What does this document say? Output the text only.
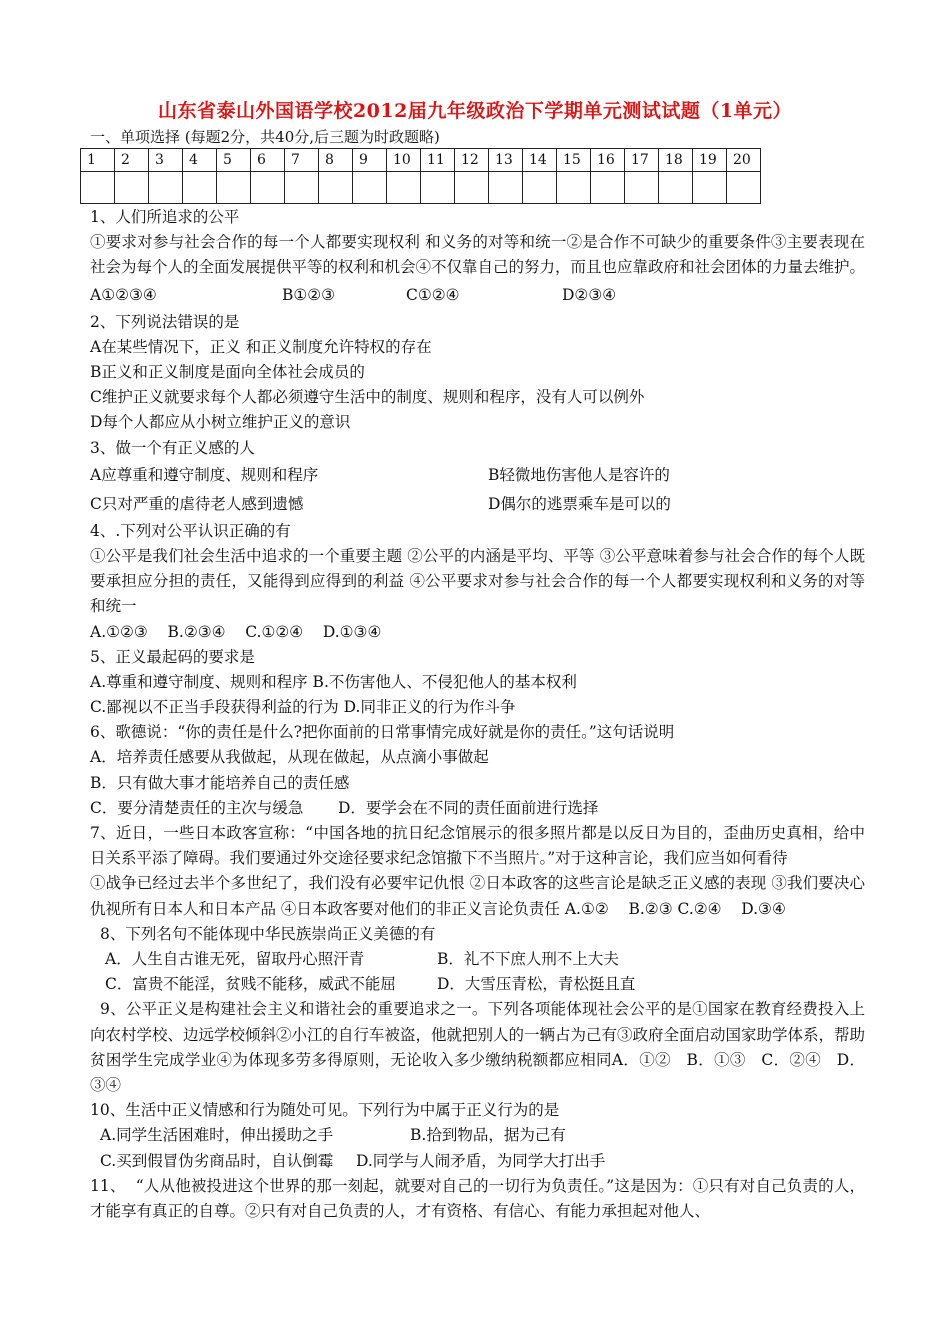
山东省泰山外国语学校2012届九年级政治下学期单元测试试题（1单元）
一、单项选择 (每题2分，共40分,后三题为时政题略)
1	2	3	4	5	6	7	8	9	10	11	12	13	14	15	16	17	18	19	20

1、人们所追求的公平
①要求对参与社会合作的每一个人都要实现权利 和义务的对等和统一②是合作不可缺少的重要条件③主要表现在社会为每个人的全面发展提供平等的权利和机会④不仅靠自己的努力，而且也应靠政府和社会团体的力量去维护。
A①②③④	B①②③	C①②④	D②③④
2、下列说法错误的是
A在某些情况下，正义 和正义制度允许特权的存在
B正义和正义制度是面向全体社会成员的
C维护正义就要求每个人都必须遵守生活中的制度、规则和程序，没有人可以例外
D每个人都应从小树立维护正义的意识
3、做一个有正义感的人
A应尊重和遵守制度、规则和程序	B轻微地伤害他人是容许的
C只对严重的虐待老人感到遗憾	D偶尔的逃票乘车是可以的
4、.下列对公平认识正确的有
①公平是我们社会生活中追求的一个重要主题 ②公平的内涵是平均、平等 ③公平意味着参与社会合作的每个人既要承担应分担的责任，又能得到应得到的利益 ④公平要求对参与社会合作的每一个人都要实现权利和义务的对等和统一
A.①②③    B.②③④    C.①②④    D.①③④
5、正义最起码的要求是
A.尊重和遵守制度、规则和程序 B.不伤害他人、不侵犯他人的基本权利
C.鄙视以不正当手段获得利益的行为 D.同非正义的行为作斗争
6、歌德说：“你的责任是什么?把你面前的日常事情完成好就是你的责任。”这句话说明
A．培养责任感要从我做起，从现在做起，从点滴小事做起
B．只有做大事才能培养自己的责任感
C．要分清楚责任的主次与缓急	D．要学会在不同的责任面前进行选择
7、近日，一些日本政客宣称：“中国各地的抗日纪念馆展示的很多照片都是以反日为目的，歪曲历史真相，给中日关系平添了障碍。我们要通过外交途径要求纪念馆撤下不当照片。”对于这种言论，我们应当如何看待
①战争已经过去半个多世纪了，我们没有必要牢记仇恨 ②日本政客的这些言论是缺乏正义感的表现 ③我们要决心仇视所有日本人和日本产品 ④日本政客要对他们的非正义言论负责任 A.①②    B.②③ C.②④    D.③④
8、下列名句不能体现中华民族崇尚正义美德的有
A．人生自古谁无死，留取丹心照汗青	B．礼不下庶人刑不上大夫
C．富贵不能淫，贫贱不能移，威武不能屈	D．大雪压青松，青松挺且直
9、公平正义是构建社会主义和谐社会的重要追求之一。下列各项能体现社会公平的是①国家在教育经费投入上向农村学校、边远学校倾斜②小江的自行车被盗，他就把别人的一辆占为己有③政府全面启动国家助学体系，帮助贫困学生完成学业④为体现多劳多得原则，无论收入多少缴纳税额都应相同A．①②   B．①③   C．②④   D．③④
10、生活中正义情感和行为随处可见。下列行为中属于正义行为的是
A.同学生活困难时，伸出援助之手	B.拾到物品，据为己有
C.买到假冒伪劣商品时，自认倒霉	D.同学与人闹矛盾，为同学大打出手
11、  “人从他被投进这个世界的那一刻起，就要对自己的一切行为负责任。”这是因为：①只有对自己负责的人，才能享有真正的自尊。②只有对自己负责的人，才有资格、有信心、有能力承担起对他人、
